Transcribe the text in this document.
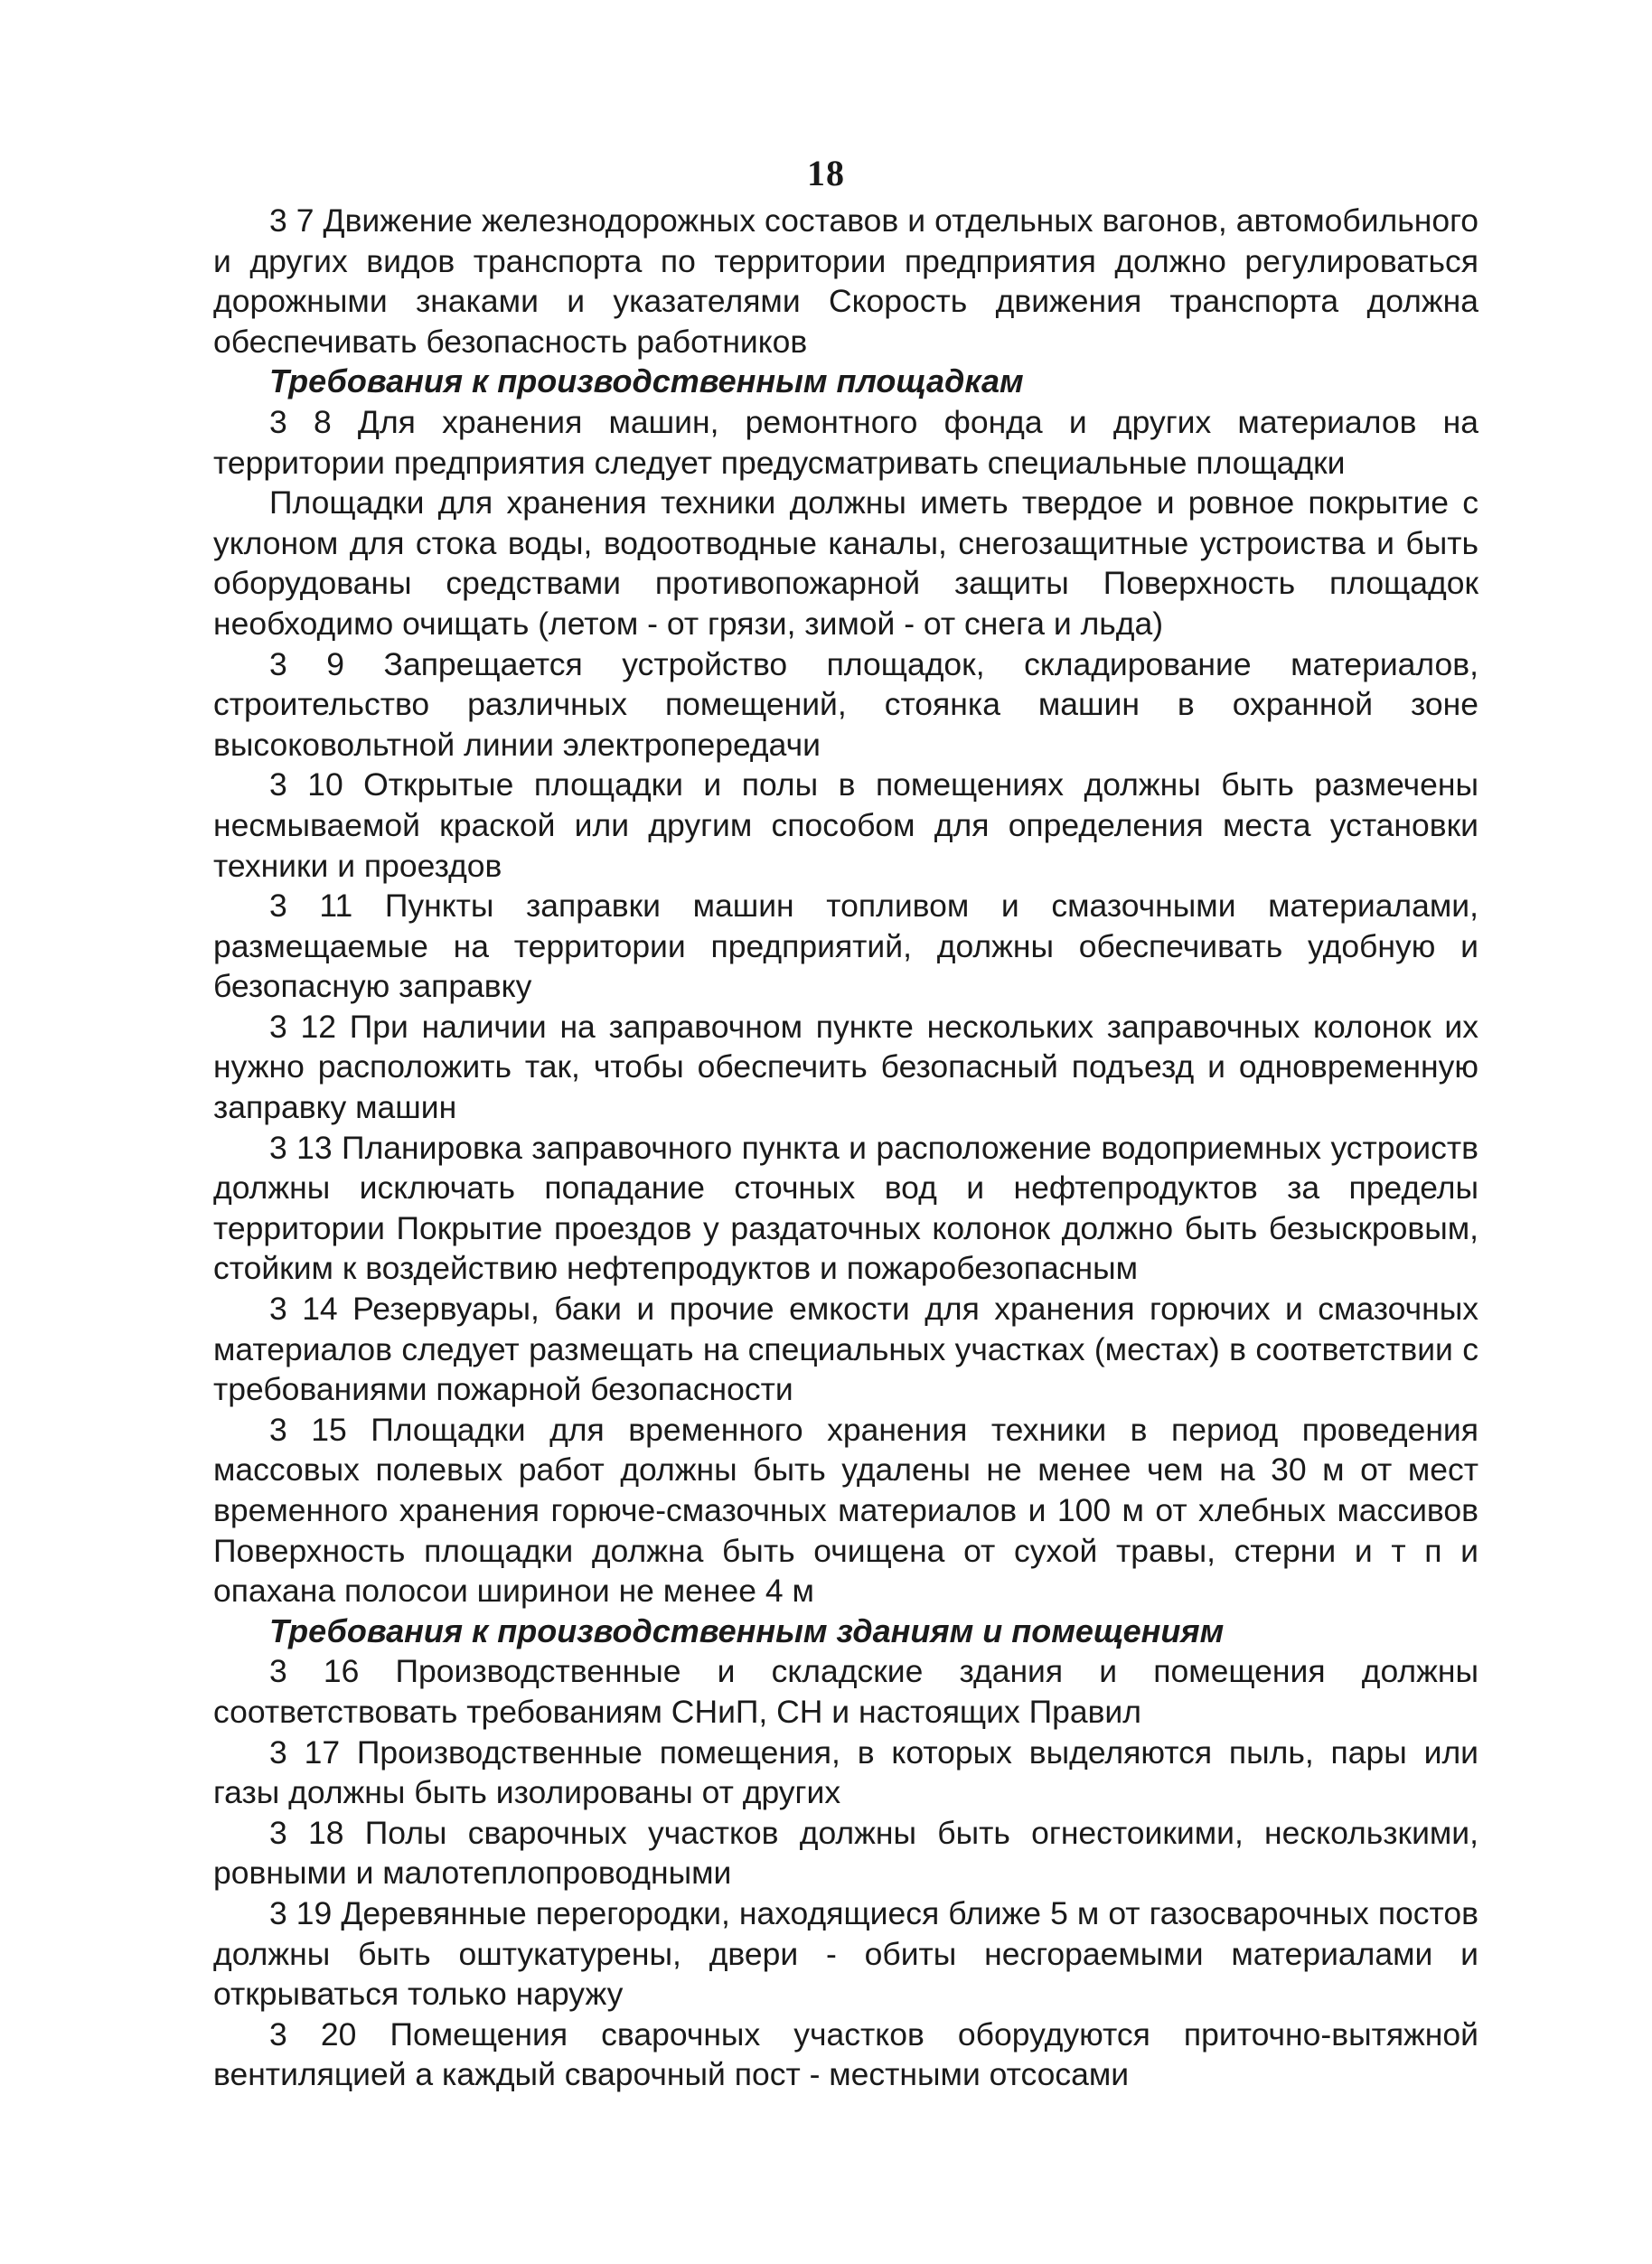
18

3 7 Движение железнодорожных составов и отдельных вагонов, автомобильного и других видов транспорта по территории предприятия должно регулироваться дорожными знаками и указателями Скорость движения транспорта должна обеспечивать безопасность работников

Требования к производственным площадкам

3 8 Для хранения машин, ремонтного фонда и других материалов на территории предприятия следует предусматривать специальные площадки

Площадки для хранения техники должны иметь твердое и ровное покрытие с уклоном для стока воды, водоотводные каналы, снегозащитные устроиства и быть оборудованы средствами противопожарной защиты Поверхность площадок необходимо очищать (летом - от грязи, зимой - от снега и льда)

3 9 Запрещается устройство площадок, складирование материалов, строительство различных помещений, стоянка машин в охранной зоне высоковольтной линии электропередачи

3 10 Открытые площадки и полы в помещениях должны быть размечены несмываемой краской или другим способом для определения места установки техники и проездов

3 11 Пункты заправки машин топливом и смазочными материалами, размещаемые на территории предприятий, должны обеспечивать удобную и безопасную заправку

3 12 При наличии на заправочном пункте нескольких заправочных колонок их нужно расположить так, чтобы обеспечить безопасный подъезд и одновременную заправку машин

3 13 Планировка заправочного пункта и расположение водоприемных устроиств должны исключать попадание сточных вод и нефтепродуктов за пределы территории Покрытие проездов у раздаточных колонок должно быть безыскровым, стойким к воздействию нефтепродуктов и пожаробезопасным

3 14 Резервуары, баки и прочие емкости для хранения горючих и смазочных материалов следует размещать на специальных участках (местах) в соответствии с требованиями пожарной безопасности

3 15 Площадки для временного хранения техники в период проведения массовых полевых работ должны быть удалены не менее чем на 30 м от мест временного хранения горюче-смазочных материалов и 100 м от хлебных массивов Поверхность площадки должна быть очищена от сухой травы, стерни и т п и опахана полосои ширинои не менее 4 м

Требования к производственным зданиям и помещениям

3 16 Производственные и складские здания и помещения должны соответствовать требованиям СНиП, СН и настоящих Правил

3 17 Производственные помещения, в которых выделяются пыль, пары или газы должны быть изолированы от других

3 18 Полы сварочных участков должны быть огнестоикими, нескользкими, ровными и малотеплопроводными

3 19 Деревянные перегородки, находящиеся ближе 5 м от газосварочных постов должны быть оштукатурены, двери - обиты несгораемыми материалами и открываться только наружу

3 20 Помещения сварочных участков оборудуются приточно-вытяжной вентиляцией а каждый сварочный пост - местными отсосами
